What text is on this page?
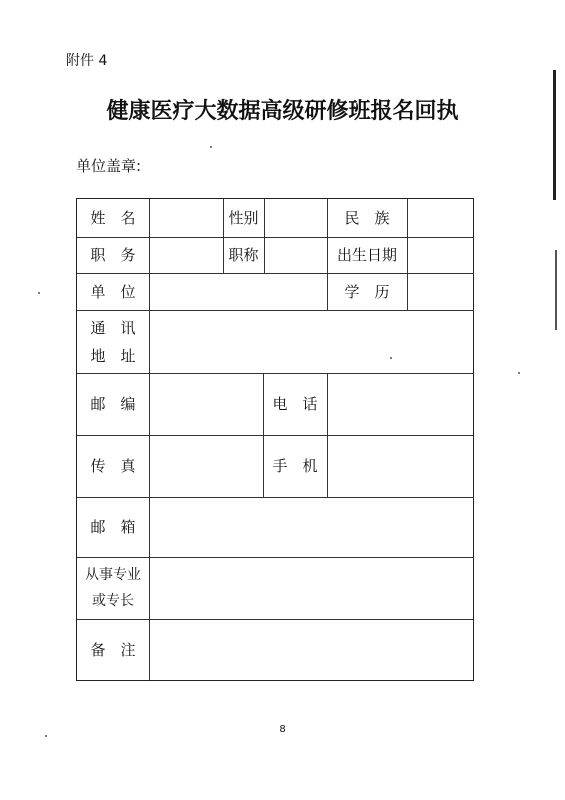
附件 4
健康医疗大数据高级研修班报名回执
单位盖章:
姓　名	性别	民　族
职　务	职称	出生日期
单　位	学　历
通　讯
地　址
邮　编	电　话
传　真	手　机
邮　箱
从事专业
或专长
备　注
8
